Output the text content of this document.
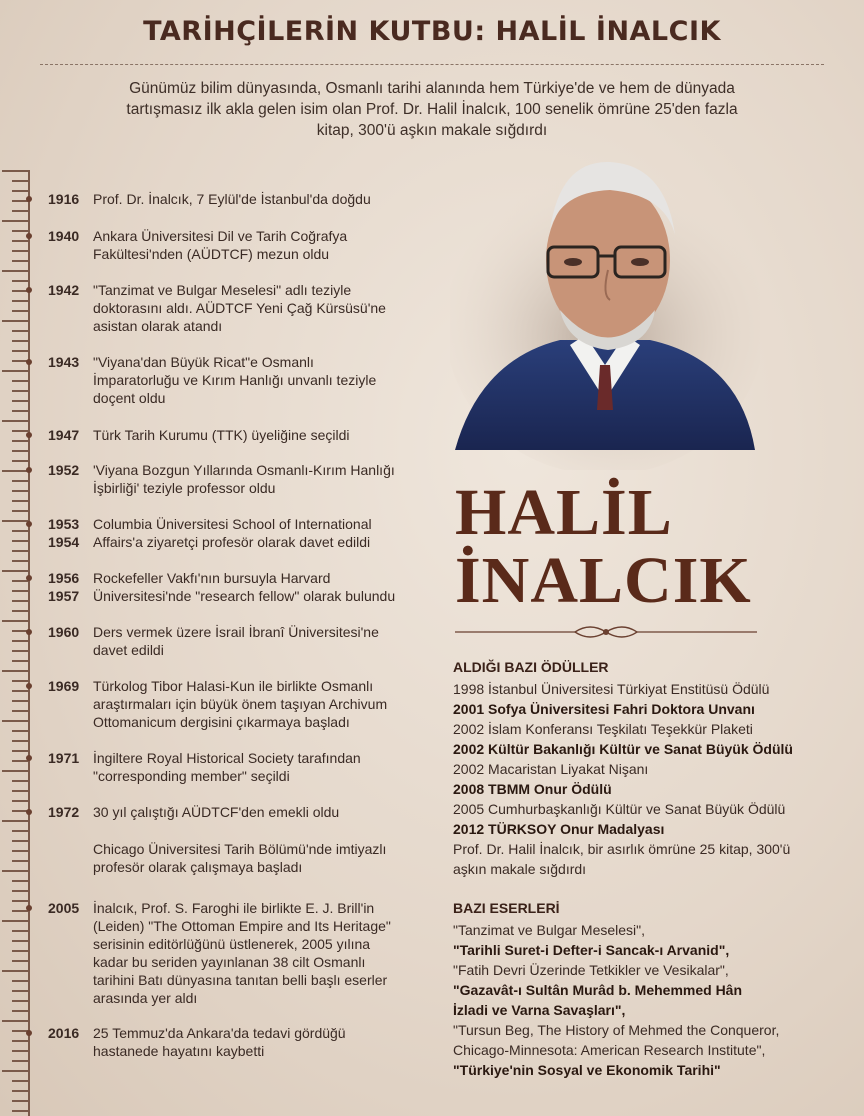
TARİHÇİLERİN KUTBU: HALİL İNALCIK
Günümüz bilim dünyasında, Osmanlı tarihi alanında hem Türkiye'de ve hem de dünyada
tartışmasız ilk akla gelen isim olan Prof. Dr. Halil İnalcık, 100 senelik ömrüne 25'den fazla
kitap, 300'ü aşkın makale sığdırdı
1916 Prof. Dr. İnalcık, 7 Eylül'de İstanbul'da doğdu
1940 Ankara Üniversitesi Dil ve Tarih Coğrafya
Fakültesi'nden (AÜDTCF) mezun oldu
1942 "Tanzimat ve Bulgar Meselesi" adlı teziyle
doktorasını aldı. AÜDTCF Yeni Çağ Kürsüsü'ne
asistan olarak atandı
1943 "Viyana'dan Büyük Ricat"e Osmanlı
İmparatorluğu ve Kırım Hanlığı unvanlı teziyle
doçent oldu
1947 Türk Tarih Kurumu (TTK) üyeliğine seçildi
1952 'Viyana Bozgun Yıllarında Osmanlı-Kırım Hanlığı
İşbirliği' teziyle professor oldu
1953
1954
Columbia Üniversitesi School of International
Affairs'a ziyaretçi profesör olarak davet edildi
1956
1957
Rockefeller Vakfı'nın bursuyla Harvard
Üniversitesi'nde "research fellow" olarak bulundu
1960 Ders vermek üzere İsrail İbranî Üniversitesi'ne
davet edildi
1969 Türkolog Tibor Halasi-Kun ile birlikte Osmanlı
araştırmaları için büyük önem taşıyan Archivum
Ottomanicum dergisini çıkarmaya başladı
1971 İngiltere Royal Historical Society tarafından
"corresponding member" seçildi
1972 30 yıl çalıştığı AÜDTCF'den emekli oldu
Chicago Üniversitesi Tarih Bölümü'nde imtiyazlı
profesör olarak çalışmaya başladı
2005 İnalcık, Prof. S. Faroghi ile birlikte E. J. Brill'in
(Leiden) "The Ottoman Empire and Its Heritage"
serisinin editörlüğünü üstlenerek, 2005 yılına
kadar bu seriden yayınlanan 38 cilt Osmanlı
tarihini Batı dünyasına tanıtan belli başlı eserler
arasında yer aldı
2016 25 Temmuz'da Ankara'da tedavi gördüğü
hastanede hayatını kaybetti
HALİL
İNALCIK
ALDIĞI BAZI ÖDÜLLER
1998 İstanbul Üniversitesi Türkiyat Enstitüsü Ödülü
2001 Sofya Üniversitesi Fahri Doktora Unvanı
2002 İslam Konferansı Teşkilatı Teşekkür Plaketi
2002 Kültür Bakanlığı Kültür ve Sanat Büyük Ödülü
2002 Macaristan Liyakat Nişanı
2008 TBMM Onur Ödülü
2005 Cumhurbaşkanlığı Kültür ve Sanat Büyük Ödülü
2012 TÜRKSOY Onur Madalyası
Prof. Dr. Halil İnalcık, bir asırlık ömrüne 25 kitap, 300'ü
aşkın makale sığdırdı
BAZI ESERLERİ
"Tanzimat ve Bulgar Meselesi",
"Tarihli Suret-i Defter-i Sancak-ı Arvanid",
"Fatih Devri Üzerinde Tetkikler ve Vesikalar",
"Gazavât-ı Sultân Murâd b. Mehemmed Hân
İzladi ve Varna Savaşları",
"Tursun Beg, The History of Mehmed the Conqueror,
Chicago-Minnesota: American Research Institute",
"Türkiye'nin Sosyal ve Ekonomik Tarihi"
